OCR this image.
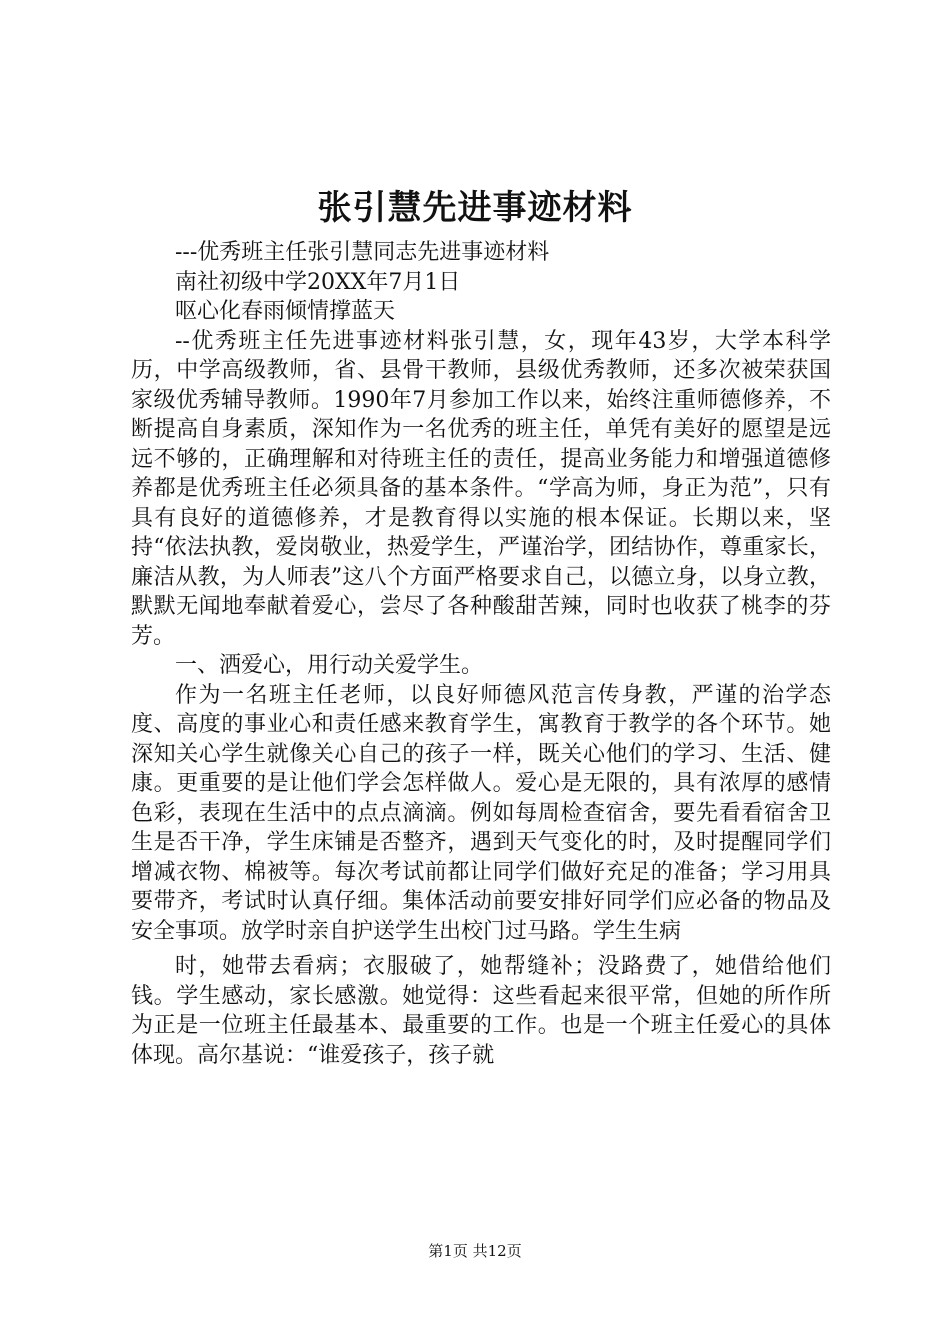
张引慧先进事迹材料

---优秀班主任张引慧同志先进事迹材料

南社初级中学20XX年7月1日

呕心化春雨倾情撑蓝天

--优秀班主任先进事迹材料张引慧，女，现年43岁，大学本科学历，中学高级教师，省、县骨干教师，县级优秀教师，还多次被荣获国家级优秀辅导教师。1990年7月参加工作以来，始终注重师德修养，不断提高自身素质，深知作为一名优秀的班主任，单凭有美好的愿望是远远不够的，正确理解和对待班主任的责任，提高业务能力和增强道德修养都是优秀班主任必须具备的基本条件。“学高为师，身正为范”，只有具有良好的道德修养，才是教育得以实施的根本保证。长期以来，坚持“依法执教，爱岗敬业，热爱学生，严谨治学，团结协作，尊重家长，廉洁从教，为人师表”这八个方面严格要求自己，以德立身，以身立教，默默无闻地奉献着爱心，尝尽了各种酸甜苦辣，同时也收获了桃李的芬芳。

一、洒爱心，用行动关爱学生。

作为一名班主任老师，以良好师德风范言传身教，严谨的治学态度、高度的事业心和责任感来教育学生，寓教育于教学的各个环节。她深知关心学生就像关心自己的孩子一样，既关心他们的学习、生活、健康。更重要的是让他们学会怎样做人。爱心是无限的，具有浓厚的感情色彩，表现在生活中的点点滴滴。例如每周检查宿舍，要先看看宿舍卫生是否干净，学生床铺是否整齐，遇到天气变化的时，及时提醒同学们增减衣物、棉被等。每次考试前都让同学们做好充足的准备；学习用具要带齐，考试时认真仔细。集体活动前要安排好同学们应必备的物品及安全事项。放学时亲自护送学生出校门过马路。学生生病

时，她带去看病；衣服破了，她帮缝补；没路费了，她借给他们钱。学生感动，家长感激。她觉得：这些看起来很平常，但她的所作所为正是一位班主任最基本、最重要的工作。也是一个班主任爱心的具体体现。高尔基说：“谁爱孩子，孩子就

第1页 共12页
